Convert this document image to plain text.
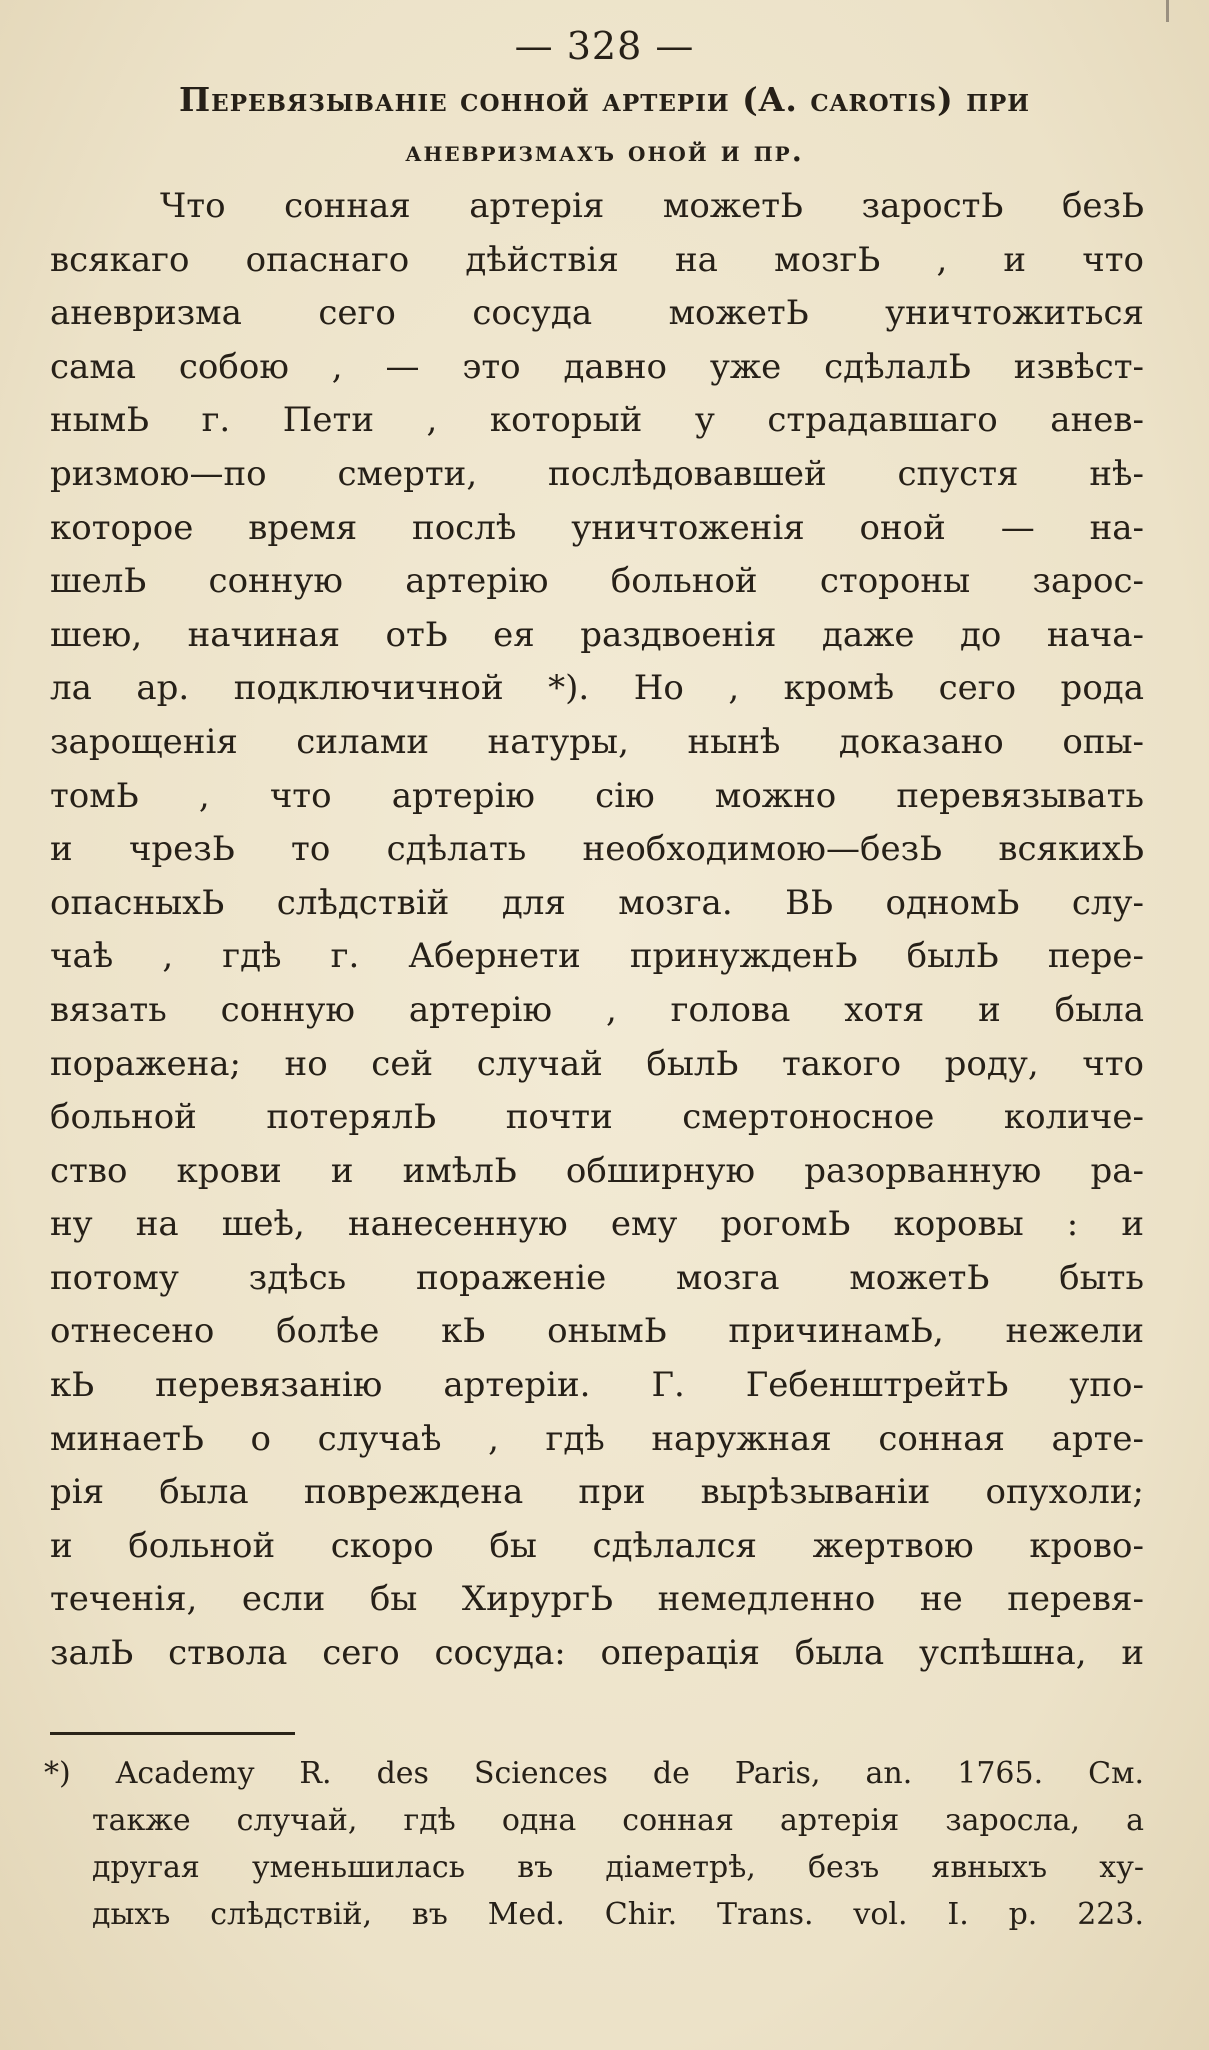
— 328 —
Перевязываніе сонной артеріи (A. carotis) при
аневризмахъ оной и пр.
Что сонная артерія можетЬ заростЬ безЬ
всякаго опаснаго дѣйствія на мозгЬ , и что
аневризма сего сосуда можетЬ уничтожиться
сама собою , — это давно уже сдѣлалЬ извѣст-
нымЬ г. Пети , который у страдавшаго анев-
ризмою—по смерти, послѣдовавшей спустя нѣ-
которое время послѣ уничтоженія оной — на-
шелЬ сонную артерію больной стороны зарос-
шею, начиная отЬ ея раздвоенія даже до нача-
ла ар. подключичной *). Но , кромѣ сего рода
зарощенія силами натуры, нынѣ доказано опы-
томЬ , что артерію сію можно перевязывать
и чрезЬ то сдѣлать необходимою—безЬ всякихЬ
опасныхЬ слѣдствій для мозга. ВЬ одномЬ слу-
чаѣ , гдѣ г. Абернети принужденЬ былЬ пере-
вязать сонную артерію , голова хотя и была
поражена; но сей случай былЬ такого роду, что
больной потерялЬ почти смертоносное количе-
ство крови и имѣлЬ обширную разорванную ра-
ну на шеѣ, нанесенную ему рогомЬ коровы : и
потому здѣсь пораженіе мозга можетЬ быть
отнесено болѣе кЬ онымЬ причинамЬ, нежели
кЬ перевязанію артеріи. Г. ГебенштрейтЬ упо-
минаетЬ о случаѣ , гдѣ наружная сонная арте-
рія была повреждена при вырѣзываніи опухоли;
и больной скоро бы сдѣлался жертвою крово-
теченія, если бы ХирургЬ немедленно не перевя-
залЬ ствола сего сосуда: операція была успѣшна, и
*) Academy R. des Sciences de Paris, an. 1765. См.
также случай, гдѣ одна сонная артерія заросла, а
другая уменьшилась въ діаметрѣ, безъ явныхъ ху-
дыхъ слѣдствій, въ Med. Chir. Trans. vol. I. p. 223.
